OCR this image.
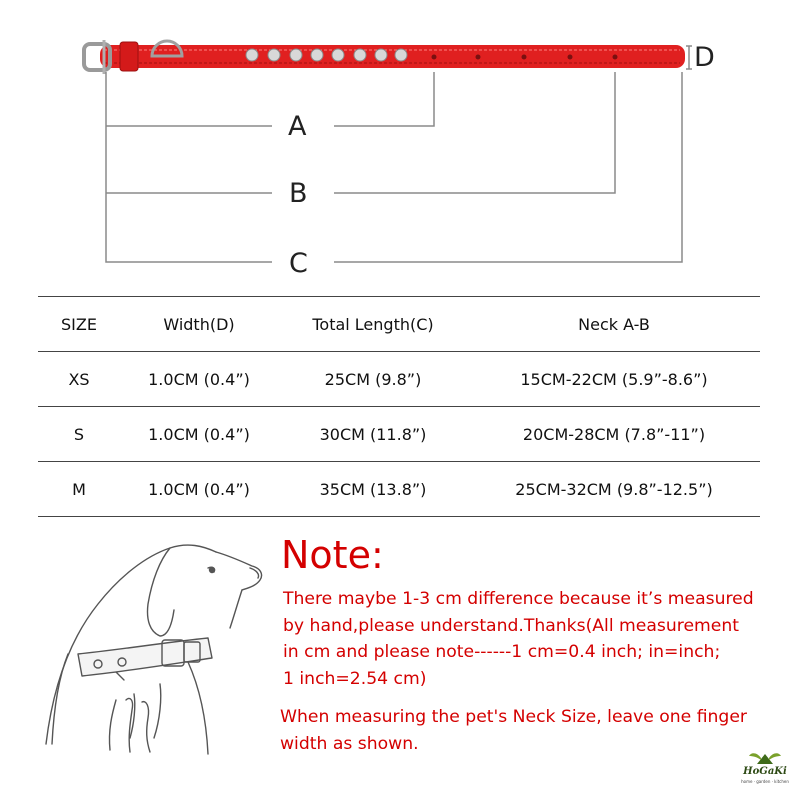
A
B
C
D
SIZE	Width(D)	Total Length(C)	Neck A-B
XS	1.0CM (0.4”)	25CM (9.8”)	15CM-22CM (5.9”-8.6”)
S	1.0CM (0.4”)	30CM (11.8”)	20CM-28CM (7.8”-11”)
M	1.0CM (0.4”)	35CM (13.8”)	25CM-32CM (9.8”-12.5”)
Note:
There maybe 1-3 cm difference because it’s measured
by hand,please understand.Thanks(All measurement
in cm and please note------1 cm=0.4 inch; in=inch;
1 inch=2.54 cm)
When measuring the pet's Neck Size, leave one finger
width as shown.
HoGaKi
home · garden · kitchen
